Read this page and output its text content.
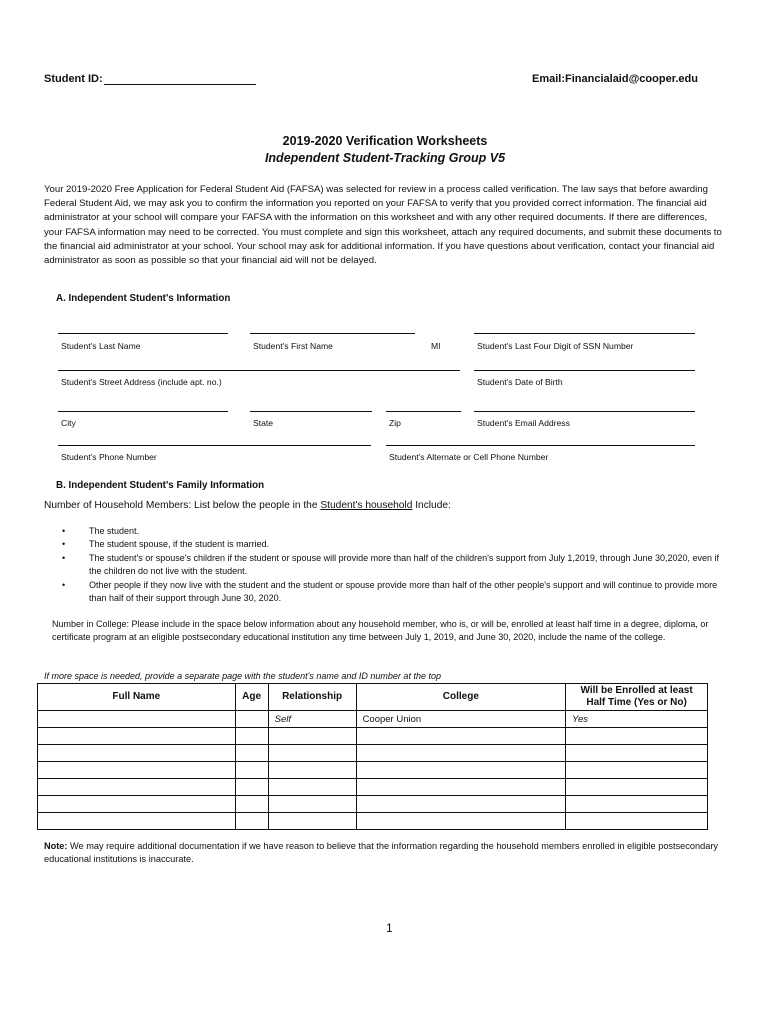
Student ID:	Email:Financialaid@cooper.edu
2019-2020 Verification Worksheets
Independent Student-Tracking Group V5
Your 2019-2020 Free Application for Federal Student Aid (FAFSA) was selected for review in a process called verification. The law says that before awarding Federal Student Aid, we may ask you to confirm the information you reported on your FAFSA to verify that you provided correct information. The financial aid administrator at your school will compare your FAFSA with the information on this worksheet and with any other required documents. If there are differences, your FAFSA information may need to be corrected. You must complete and sign this worksheet, attach any required documents, and submit these documents to the financial aid administrator at your school. Your school may ask for additional information. If you have questions about verification, contact your financial aid administrator as soon as possible so that your financial aid will not be delayed.
A. Independent Student's Information
Student's Last Name	Student's First Name	MI	Student's Last Four Digit of SSN Number
Student's Street Address (include apt. no.)	Student's Date of Birth
City	State	Zip	Student's Email Address
Student's Phone Number	Student's Alternate or Cell Phone Number
B. Independent Student's Family Information
Number of Household Members: List below the people in the Student's household Include:
• The student.
• The student spouse, if the student is married.
• The student's or spouse's children if the student or spouse will provide more than half of the children's support from July 1,2019, through June 30,2020, even if the children do not live with the student.
• Other people if they now live with the student and the student or spouse provide more than half of the other people's support and will continue to provide more than half of their support through June 30, 2020.
Number in College: Please include in the space below information about any household member, who is, or will be, enrolled at least half time in a degree, diploma, or certificate program at an eligible postsecondary educational institution any time between July 1, 2019, and June 30, 2020, include the name of the college.
If more space is needed, provide a separate page with the student's name and ID number at the top
Full Name	Age	Relationship	College	Will be Enrolled at least Half Time (Yes or No)
		Self	Cooper Union	Yes

Note: We may require additional documentation if we have reason to believe that the information regarding the household members enrolled in eligible postsecondary educational institutions is inaccurate.
1
